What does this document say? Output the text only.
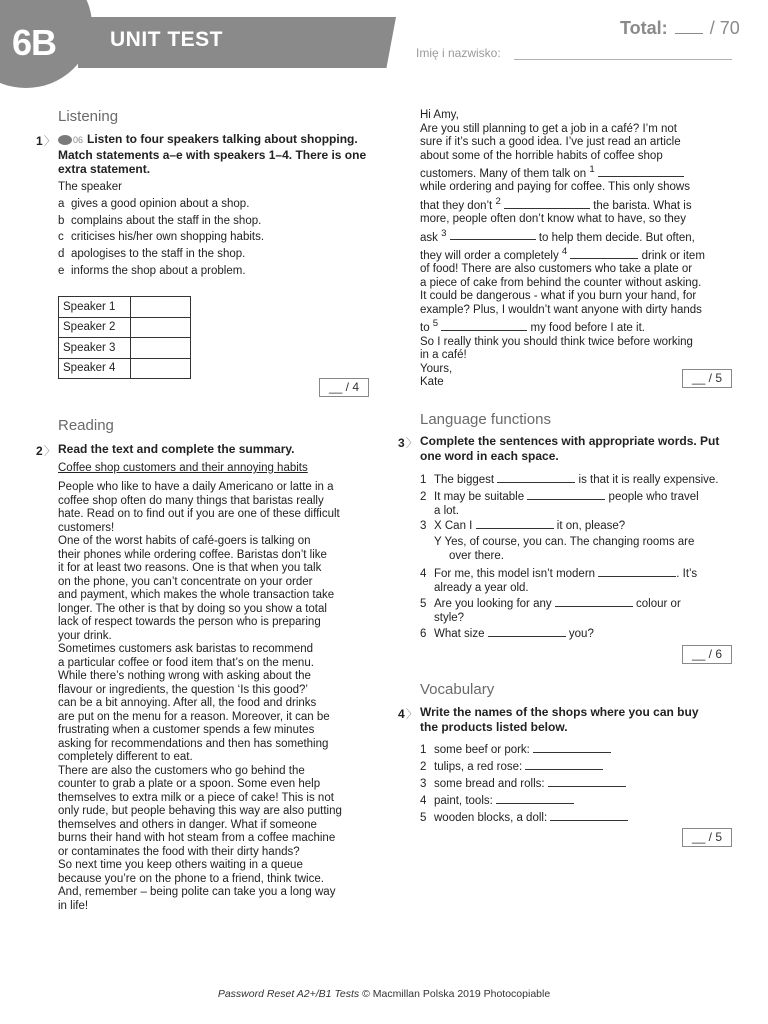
6B	UNIT TEST	Total: / 70
Imię i nazwisko:
Listening
1〉	06 Listen to four speakers talking about shopping.
Match statements a–e with speakers 1–4. There is one
extra statement.
The speaker
a gives a good opinion about a shop.
b complains about the staff in the shop.
c criticises his/her own shopping habits.
d apologises to the staff in the shop.
e informs the shop about a problem.
Speaker 1	
Speaker 2	
Speaker 3	
Speaker 4	
__ / 4
Reading
2〉 Read the text and complete the summary.
Coffee shop customers and their annoying habits

People who like to have a daily Americano or latte in a
coffee shop often do many things that baristas really
hate. Read on to find out if you are one of these difficult
customers!

One of the worst habits of café-goers is talking on
their phones while ordering coffee. Baristas don’t like
it for at least two reasons. One is that when you talk
on the phone, you can’t concentrate on your order
and payment, which makes the whole transaction take
longer. The other is that by doing so you show a total
lack of respect towards the person who is preparing
your drink.

Sometimes customers ask baristas to recommend
a particular coffee or food item that’s on the menu.
While there’s nothing wrong with asking about the
flavour or ingredients, the question ‘Is this good?’
can be a bit annoying. After all, the food and drinks
are put on the menu for a reason. Moreover, it can be
frustrating when a customer spends a few minutes
asking for recommendations and then has something
completely different to eat.

There are also the customers who go behind the
counter to grab a plate or a spoon. Some even help
themselves to extra milk or a piece of cake! This is not
only rude, but people behaving this way are also putting
themselves and others in danger. What if someone
burns their hand with hot steam from a coffee machine
or contaminates the food with their dirty hands?

So next time you keep others waiting in a queue
because you’re on the phone to a friend, think twice.
And, remember – being polite can take you a long way
in life!

Hi Amy,
Are you still planning to get a job in a café? I’m not
sure if it’s such a good idea. I’ve just read an article
about some of the horrible habits of coffee shop
customers. Many of them talk on $^1$
while ordering and paying for coffee. This only shows
that they don’t $^2$	the barista. What is
more, people often don’t know what to have, so they
ask $^3$	to help them decide. But often,
they will order a completely $^4$	drink or item
of food! There are also customers who take a plate or
a piece of cake from behind the counter without asking.
It could be dangerous - what if you burn your hand, for
example? Plus, I wouldn’t want anyone with dirty hands
to $^5$	my food before I ate it.
So I really think you should think twice before working
in a café!
Yours,
Kate	__ / 5
Language functions
3〉 Complete the sentences with appropriate words. Put
one word in each space.
1 The biggest	is that it is really expensive.
2 It may be suitable	people who travel
a lot.
3 X Can I	it on, please?
Y Yes, of course, you can. The changing rooms are
over there.
4 For me, this model isn’t modern	. It’s
already a year old.
5 Are you looking for any	colour or
style?
6 What size	you?
__ / 6
Vocabulary
4〉 Write the names of the shops where you can buy
the products listed below.
1 some beef or pork:
2 tulips, a red rose:
3 some bread and rolls:
4 paint, tools:
5 wooden blocks, a doll:
__ / 5
Password Reset A2+/B1 Tests © Macmillan Polska 2019 Photocopiable
